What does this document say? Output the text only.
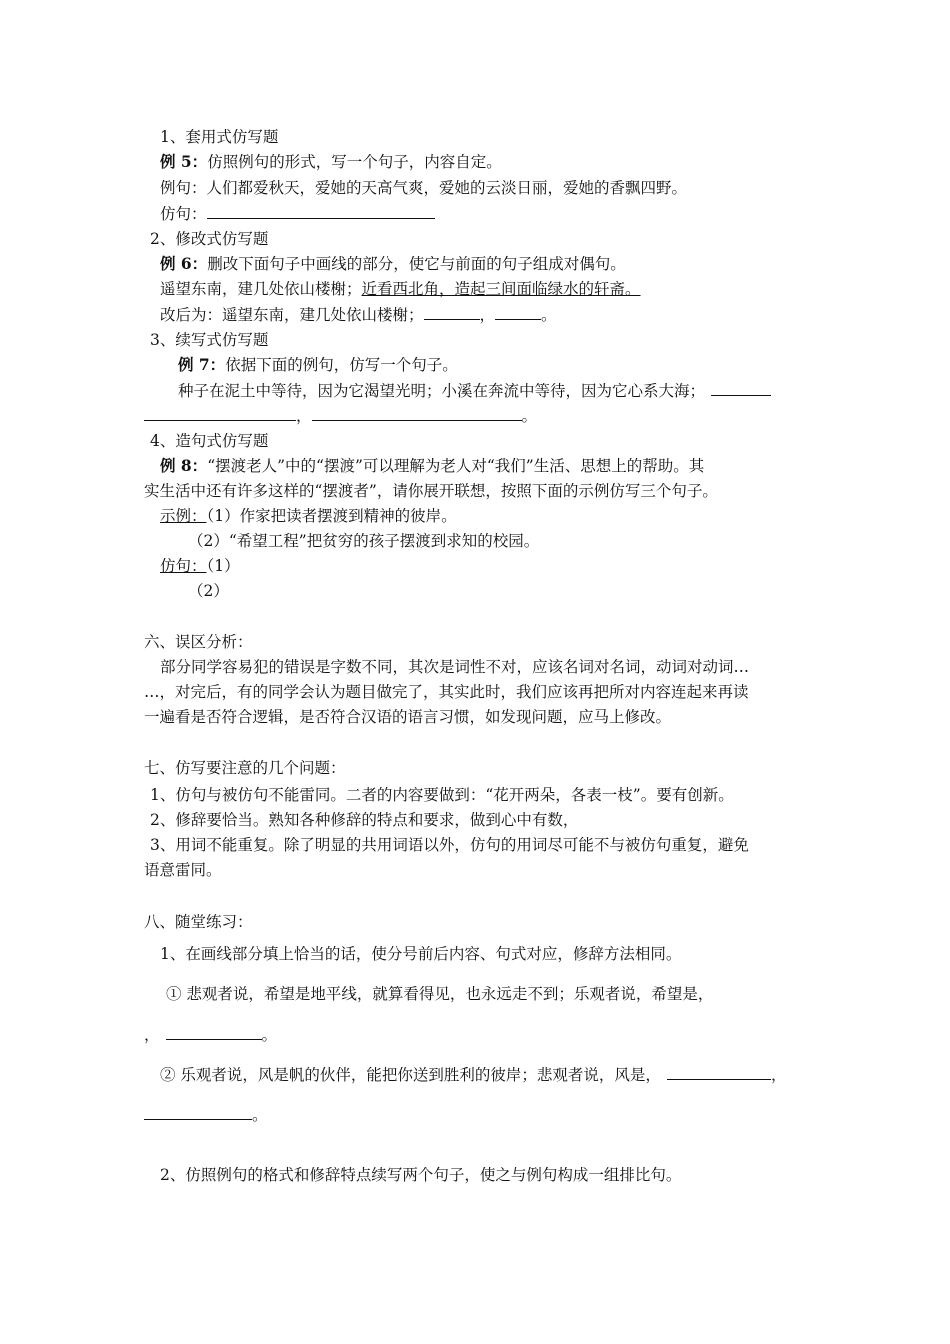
1、套用式仿写题
例 5：仿照例句的形式，写一个句子，内容自定。
例句：人们都爱秋天，爱她的天高气爽，爱她的云淡日丽，爱她的香飘四野。
仿句：
2、修改式仿写题
例 6：删改下面句子中画线的部分，使它与前面的句子组成对偶句。
遥望东南，建几处依山楼榭；近看西北角，造起三间面临绿水的轩斋。
改后为：遥望东南，建几处依山楼榭；	，	。
3、续写式仿写题
例 7：依据下面的例句，仿写一个句子。
种子在泥土中等待，因为它渴望光明；小溪在奔流中等待，因为它心系大海；
，	。
4、造句式仿写题
例 8：“摆渡老人”中的“摆渡”可以理解为老人对“我们”生活、思想上的帮助。其
实生活中还有许多这样的“摆渡者”，请你展开联想，按照下面的示例仿写三个句子。
示例：（1）作家把读者摆渡到精神的彼岸。
（2）“希望工程”把贫穷的孩子摆渡到求知的校园。
仿句：（1）
（2）
六、误区分析：
部分同学容易犯的错误是字数不同，其次是词性不对，应该名词对名词，动词对动词…
…，对完后，有的同学会认为题目做完了，其实此时，我们应该再把所对内容连起来再读
一遍看是否符合逻辑，是否符合汉语的语言习惯，如发现问题，应马上修改。
七、仿写要注意的几个问题：
1、仿句与被仿句不能雷同。二者的内容要做到：“花开两朵，各表一枝”。要有创新。
2、修辞要恰当。熟知各种修辞的特点和要求，做到心中有数，
3、用词不能重复。除了明显的共用词语以外，仿句的用词尽可能不与被仿句重复，避免
语意雷同。
八、随堂练习：
1、在画线部分填上恰当的话，使分号前后内容、句式对应，修辞方法相同。
① 悲观者说，希望是地平线，就算看得见，也永远走不到；乐观者说，希望是，
，	。
② 乐观者说，风是帆的伙伴，能把你送到胜利的彼岸；悲观者说，风是，	，
。
2、仿照例句的格式和修辞特点续写两个句子，使之与例句构成一组排比句。
